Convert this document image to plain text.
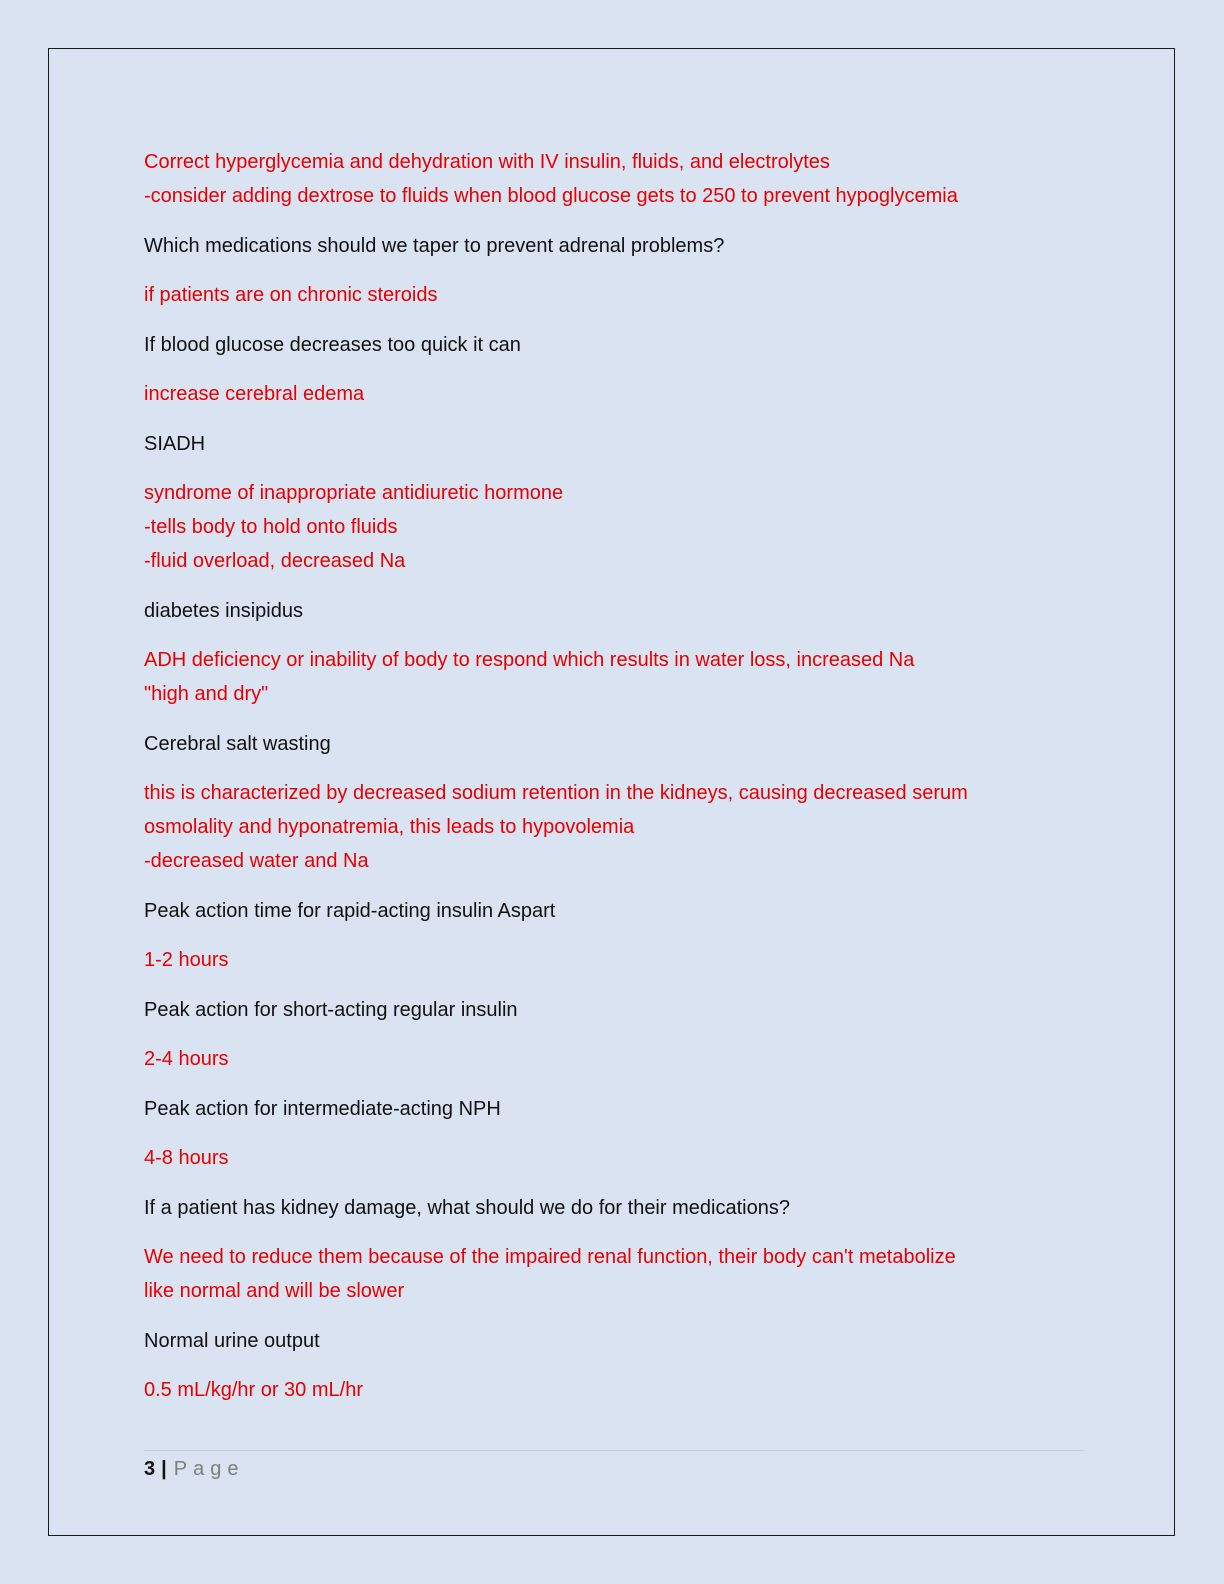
Correct hyperglycemia and dehydration with IV insulin, fluids, and electrolytes
-consider adding dextrose to fluids when blood glucose gets to 250 to prevent hypoglycemia
Which medications should we taper to prevent adrenal problems?
if patients are on chronic steroids
If blood glucose decreases too quick it can
increase cerebral edema
SIADH
syndrome of inappropriate antidiuretic hormone
-tells body to hold onto fluids
-fluid overload, decreased Na
diabetes insipidus
ADH deficiency or inability of body to respond which results in water loss, increased Na
"high and dry"
Cerebral salt wasting
this is characterized by decreased sodium retention in the kidneys, causing decreased serum
osmolality and hyponatremia, this leads to hypovolemia
-decreased water and Na
Peak action time for rapid-acting insulin Aspart
1-2 hours
Peak action for short-acting regular insulin
2-4 hours
Peak action for intermediate-acting NPH
4-8 hours
If a patient has kidney damage, what should we do for their medications?
We need to reduce them because of the impaired renal function, their body can't metabolize
like normal and will be slower
Normal urine output
0.5 mL/kg/hr or 30 mL/hr
3 | Page
